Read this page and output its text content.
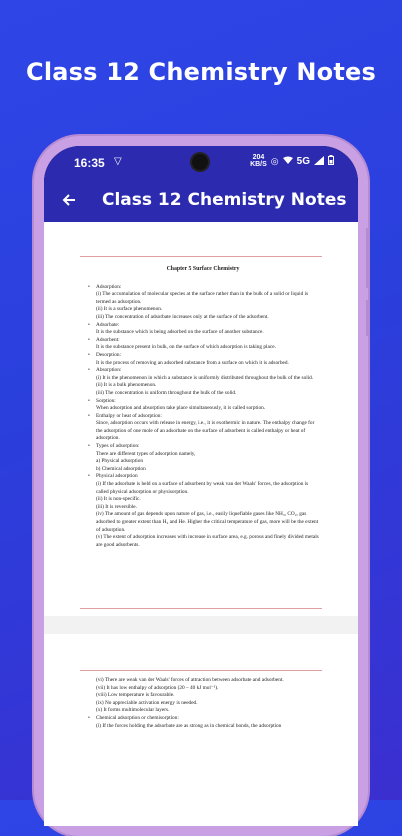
Class 12 Chemistry Notes
16:35 ▽	204
KB/S ◎ 5G
Class 12 Chemistry Notes
Chapter 5 Surface Chemistry
• Adsorption:
(i) The accumulation of molecular species at the surface rather than in the bulk of a solid or liquid is termed as adsorption.
(ii) It is a surface phenomenon.
(iii) The concentration of adsorbate increases only at the surface of the adsorbent.
• Adsorbate:
It is the substance which is being adsorbed on the surface of another substance.
• Adsorbent:
It is the substance present in bulk, on the surface of which adsorption is taking place.
• Desorption:
It is the process of removing an adsorbed substance from a surface on which it is adsorbed.
• Absorption:
(i) It is the phenomenon in which a substance is uniformly distributed throughout the bulk of the solid.
(ii) It is a bulk phenomenon.
(iii) The concentration is uniform throughout the bulk of the solid.
• Sorption:
When adsorption and absorption take place simultaneously, it is called sorption.
• Enthalpy or heat of adsorption:
Since, adsorption occurs with release in energy, i.e., it is exothermic in nature. The enthalpy change for the adsorption of one mole of an adsorbate on the surface of adsorbent is called enthalpy or heat of adsorption.
• Types of adsorption:
There are different types of adsorption namely,
a) Physical adsorption
b) Chemical adsorption
• Physical adsorption
(i) If the adsorbate is held on a surface of adsorbent by weak van der Waals' forces, the adsorption is called physical adsorption or physisorption.
(ii) It is non-specific.
(iii) It is reversible.
(iv) The amount of gas depends upon nature of gas, i.e., easily liquefiable gases like NH₃, CO₂, gas adsorbed to greater extent than H₂ and He. Higher the critical temperature of gas, more will be the extent of adsorption.
(v) The extent of adsorption increases with increase in surface area, e.g. porous and finely divided metals are good adsorbents.
(vi) There are weak van der Waals' forces of attraction between adsorbate and adsorbent.
(vii) It has low enthalpy of adsorption (20 – 40 kJ mol⁻¹).
(viii) Low temperature is favourable.
(ix) No appreciable activation energy is needed.
(x) It forms multimolecular layers.
• Chemical adsorption or chemisorption:
(i) If the forces holding the adsorbate are as strong as in chemical bonds, the adsorption
